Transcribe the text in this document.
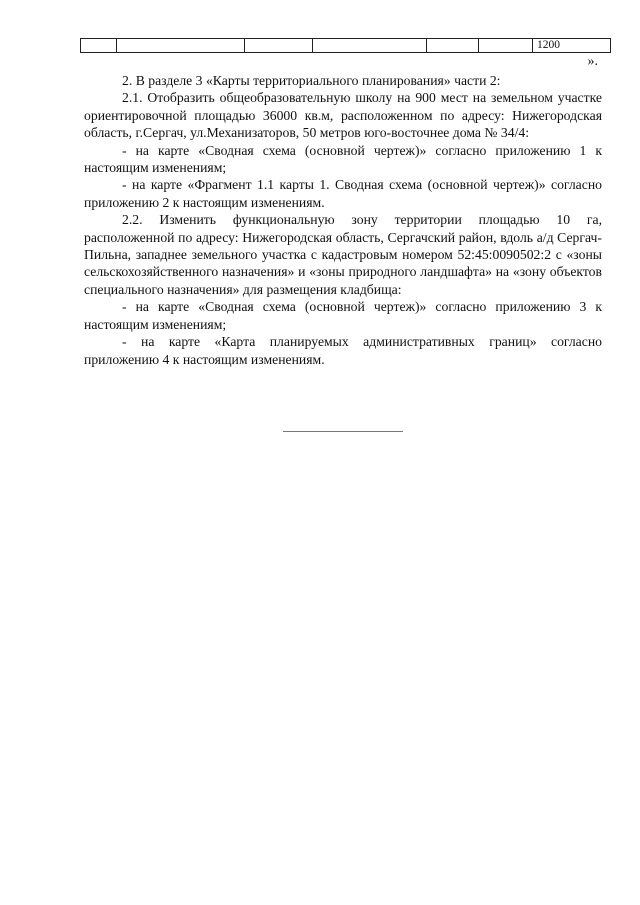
						1200
».

2. В разделе 3 «Карты территориального планирования» части 2:

2.1. Отобразить общеобразовательную школу на 900 мест на земельном участке ориентировочной площадью 36000 кв.м, расположенном по адресу: Нижегородская область, г.Сергач, ул.Механизаторов, 50 метров юго-восточнее дома № 34/4:

- на карте «Сводная схема (основной чертеж)» согласно приложению 1 к настоящим изменениям;

- на карте «Фрагмент 1.1 карты 1. Сводная схема (основной чертеж)» согласно приложению 2 к настоящим изменениям.

2.2. Изменить функциональную зону территории площадью 10 га, расположенной по адресу: Нижегородская область, Сергачский район, вдоль а/д Сергач-Пильна, западнее земельного участка с кадастровым номером 52:45:0090502:2 с «зоны сельскохозяйственного назначения» и «зоны природного ландшафта» на «зону объектов специального назначения» для размещения кладбища:

- на карте «Сводная схема (основной чертеж)» согласно приложению 3 к настоящим изменениям;

- на карте «Карта планируемых административных границ» согласно приложению 4 к настоящим изменениям.
